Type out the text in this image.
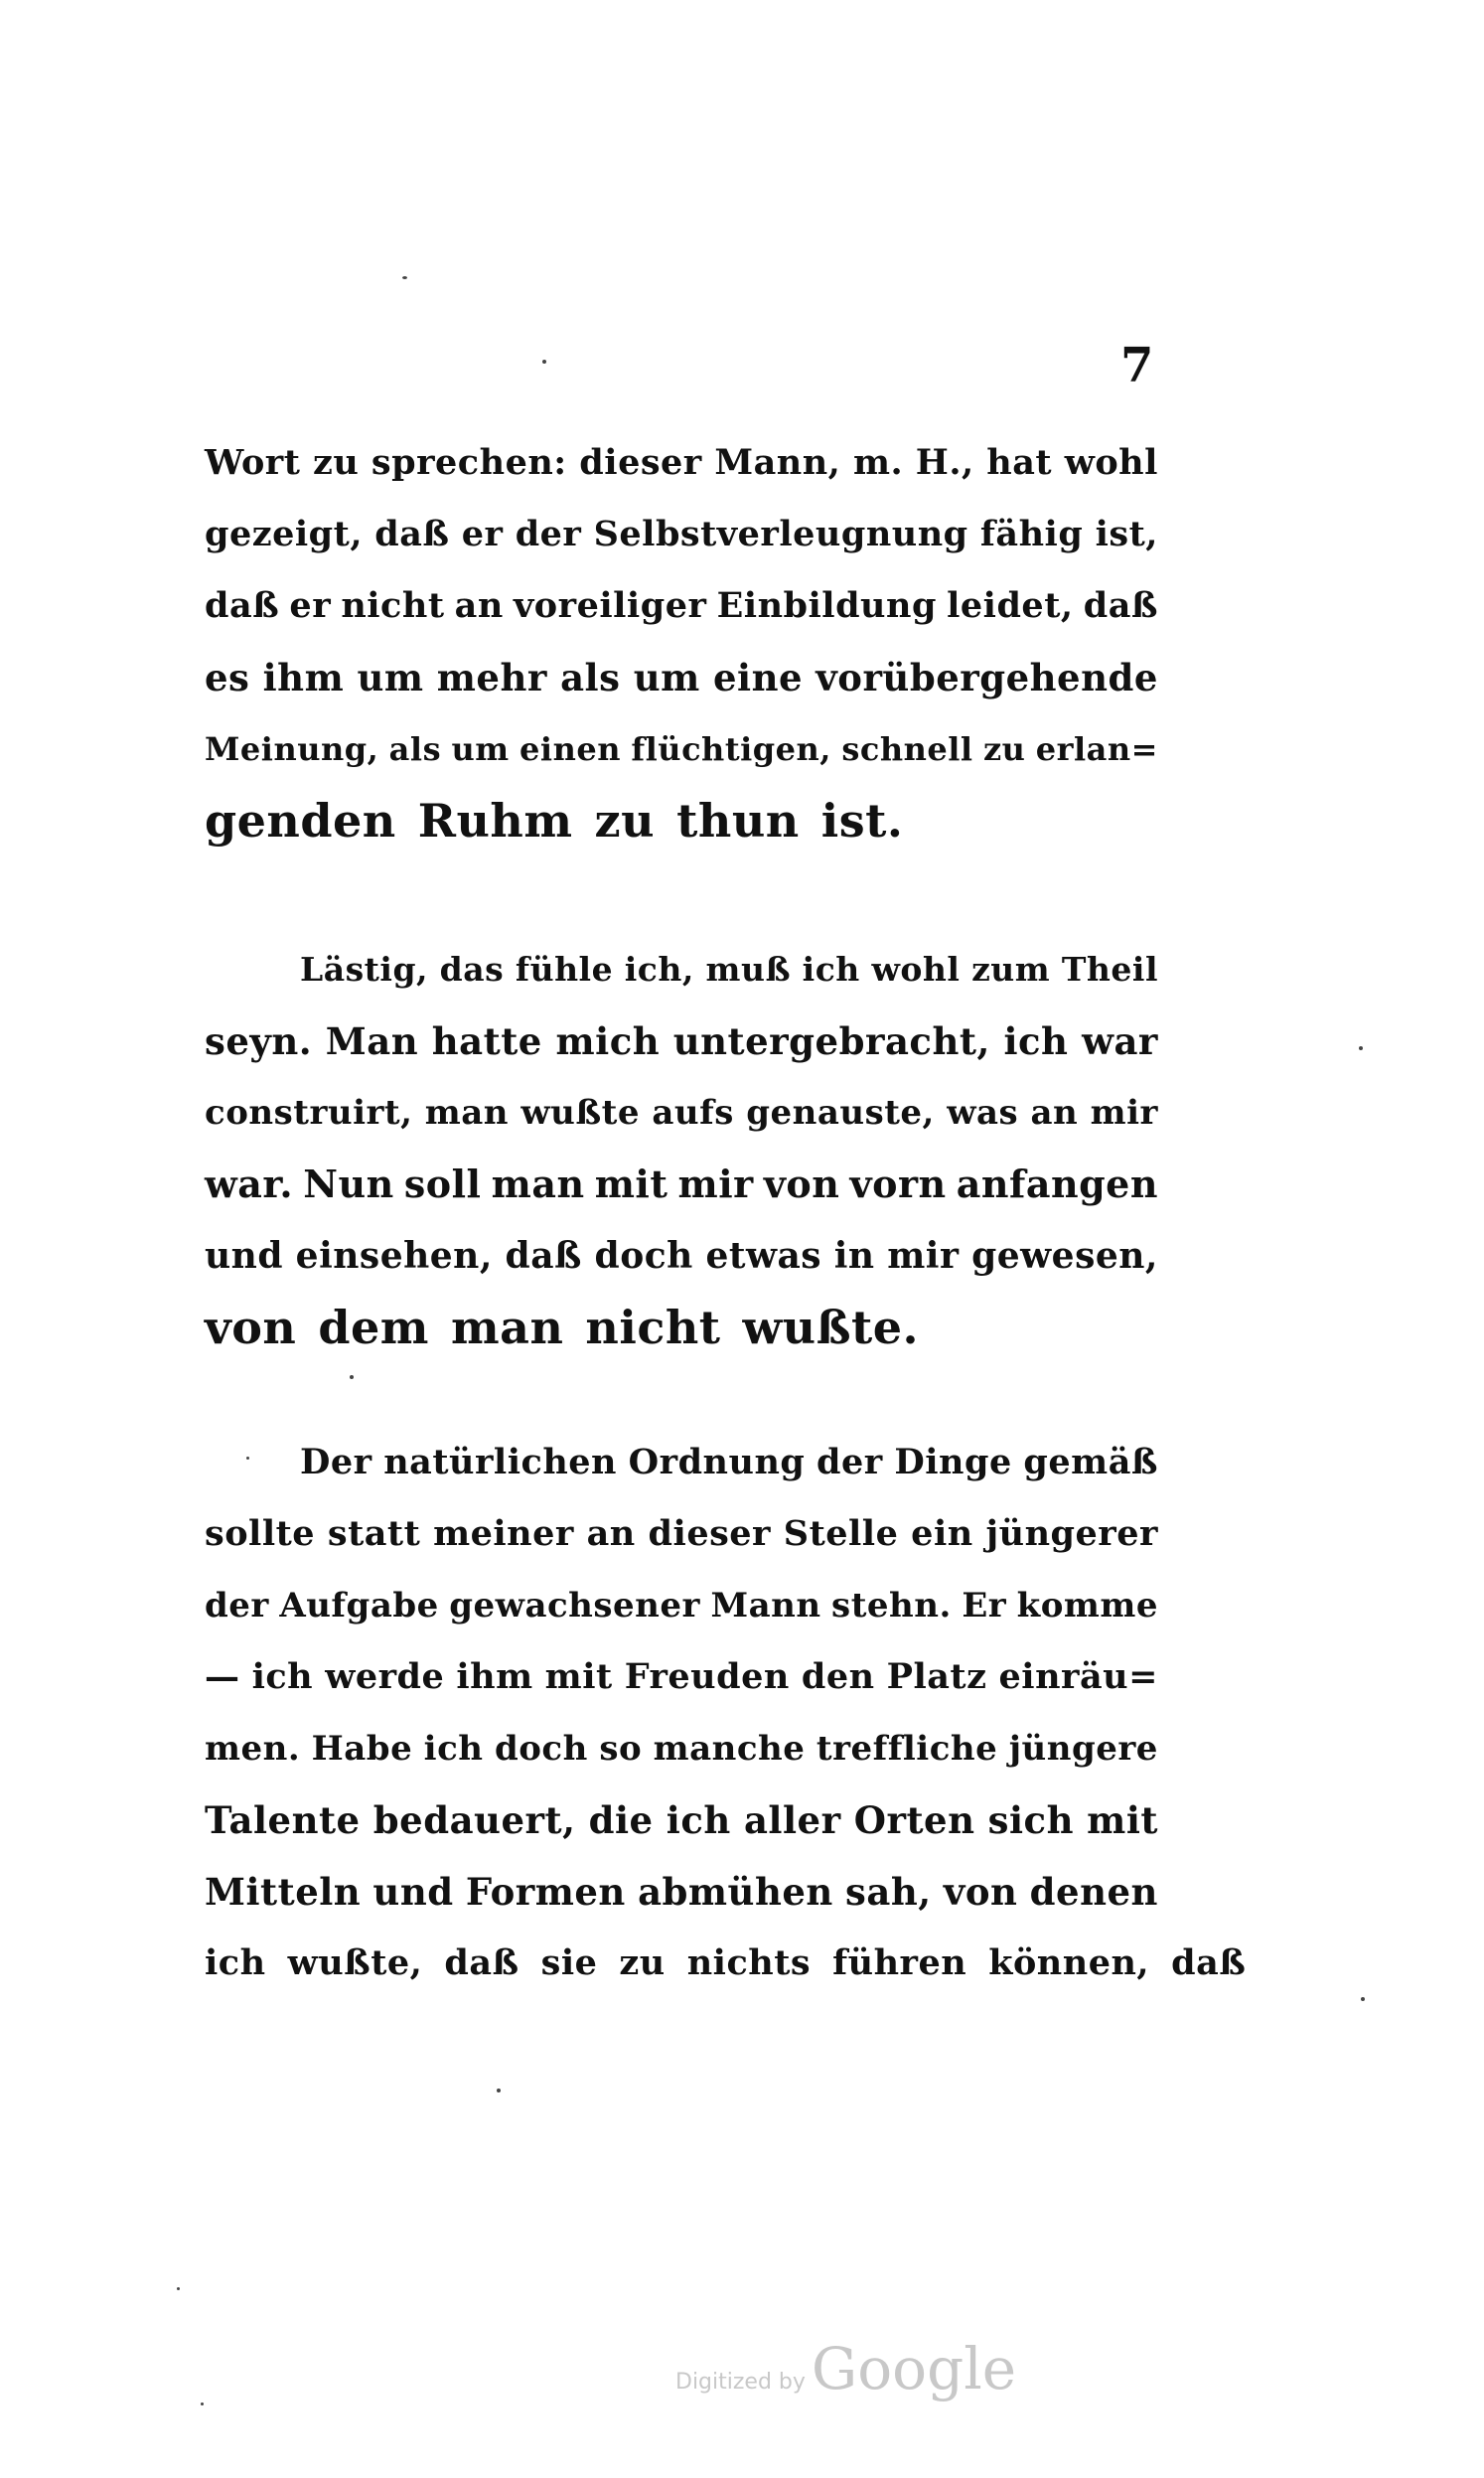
7
Wort zu sprechen: dieser Mann, m. H., hat wohl
gezeigt, daß er der Selbstverleugnung fähig ist,
daß er nicht an voreiliger Einbildung leidet, daß
es ihm um mehr als um eine vorübergehende
Meinung, als um einen flüchtigen, schnell zu erlan=
genden Ruhm zu thun ist.
Lästig, das fühle ich, muß ich wohl zum Theil
seyn. Man hatte mich untergebracht, ich war
construirt, man wußte aufs genauste, was an mir
war. Nun soll man mit mir von vorn anfangen
und einsehen, daß doch etwas in mir gewesen,
von dem man nicht wußte.
Der natürlichen Ordnung der Dinge gemäß
sollte statt meiner an dieser Stelle ein jüngerer
der Aufgabe gewachsener Mann stehn. Er komme
— ich werde ihm mit Freuden den Platz einräu=
men. Habe ich doch so manche treffliche jüngere
Talente bedauert, die ich aller Orten sich mit
Mitteln und Formen abmühen sah, von denen
ich wußte, daß sie zu nichts führen können, daß
Digitized by Google
